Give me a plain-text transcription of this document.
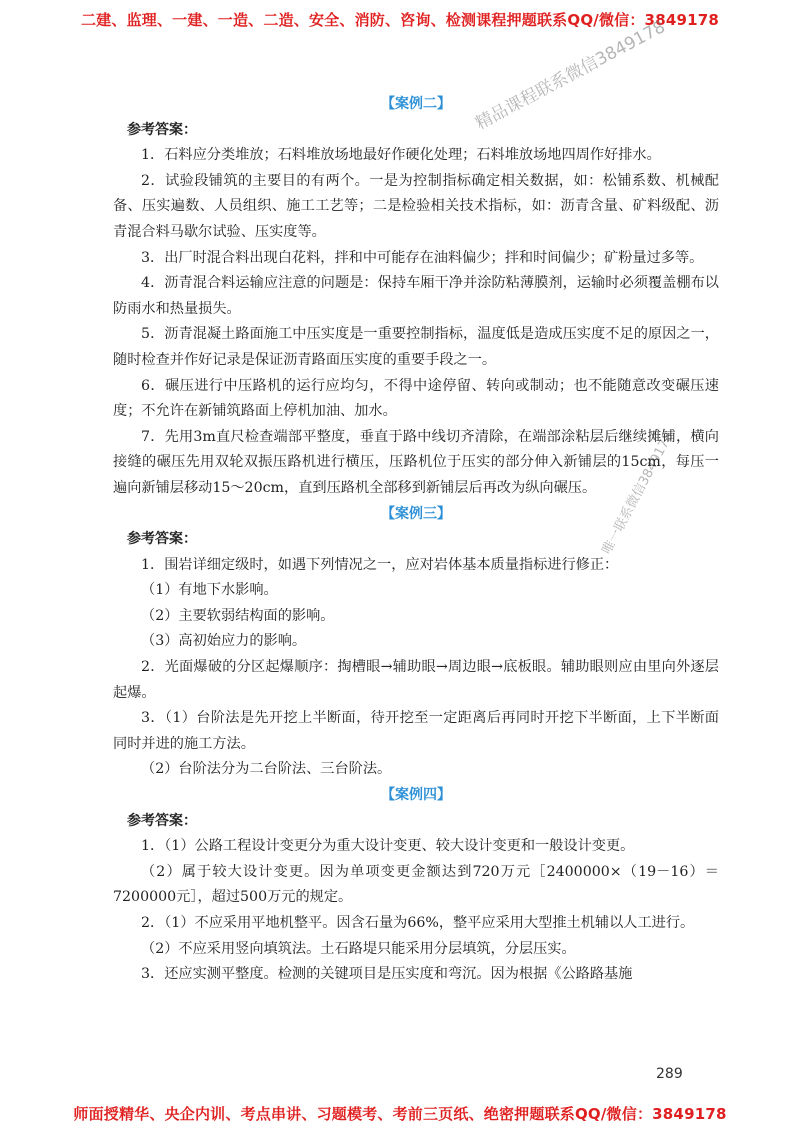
二建、监理、一建、一造、二造、安全、消防、咨询、检测课程押题联系QQ/微信：3849178
精品课程联系微信3849178
唯一联系微信3849178
【案例二】
参考答案：

1．石料应分类堆放；石料堆放场地最好作硬化处理；石料堆放场地四周作好排水。

2．试验段铺筑的主要目的有两个。一是为控制指标确定相关数据，如：松铺系数、机械配备、压实遍数、人员组织、施工工艺等；二是检验相关技术指标，如：沥青含量、矿料级配、沥青混合料马歇尔试验、压实度等。

3．出厂时混合料出现白花料，拌和中可能存在油料偏少；拌和时间偏少；矿粉量过多等。

4．沥青混合料运输应注意的问题是：保持车厢干净并涂防粘薄膜剂，运输时必须覆盖棚布以防雨水和热量损失。

5．沥青混凝土路面施工中压实度是一重要控制指标，温度低是造成压实度不足的原因之一，随时检查并作好记录是保证沥青路面压实度的重要手段之一。

6．碾压进行中压路机的运行应均匀，不得中途停留、转向或制动；也不能随意改变碾压速度；不允许在新铺筑路面上停机加油、加水。

7．先用3m直尺检查端部平整度，垂直于路中线切齐清除，在端部涂粘层后继续摊铺，横向接缝的碾压先用双轮双振压路机进行横压，压路机位于压实的部分伸入新铺层的15cm，每压一遍向新铺层移动15～20cm，直到压路机全部移到新铺层后再改为纵向碾压。

【案例三】
参考答案：

1．围岩详细定级时，如遇下列情况之一，应对岩体基本质量指标进行修正：

（1）有地下水影响。

（2）主要软弱结构面的影响。

（3）高初始应力的影响。

2．光面爆破的分区起爆顺序：掏槽眼→辅助眼→周边眼→底板眼。辅助眼则应由里向外逐层起爆。

3．（1）台阶法是先开挖上半断面，待开挖至一定距离后再同时开挖下半断面，上下半断面同时并进的施工方法。

（2）台阶法分为二台阶法、三台阶法。

【案例四】
参考答案：

1．（1）公路工程设计变更分为重大设计变更、较大设计变更和一般设计变更。

（2）属于较大设计变更。因为单项变更金额达到720万元［2400000×（19－16）＝7200000元］，超过500万元的规定。

2．（1）不应采用平地机整平。因含石量为66%，整平应采用大型推土机辅以人工进行。

（2）不应采用竖向填筑法。土石路堤只能采用分层填筑，分层压实。

3．还应实测平整度。检测的关键项目是压实度和弯沉。因为根据《公路路基施

289
师面授精华、央企内训、考点串讲、习题模考、考前三页纸、绝密押题联系QQ/微信：3849178
